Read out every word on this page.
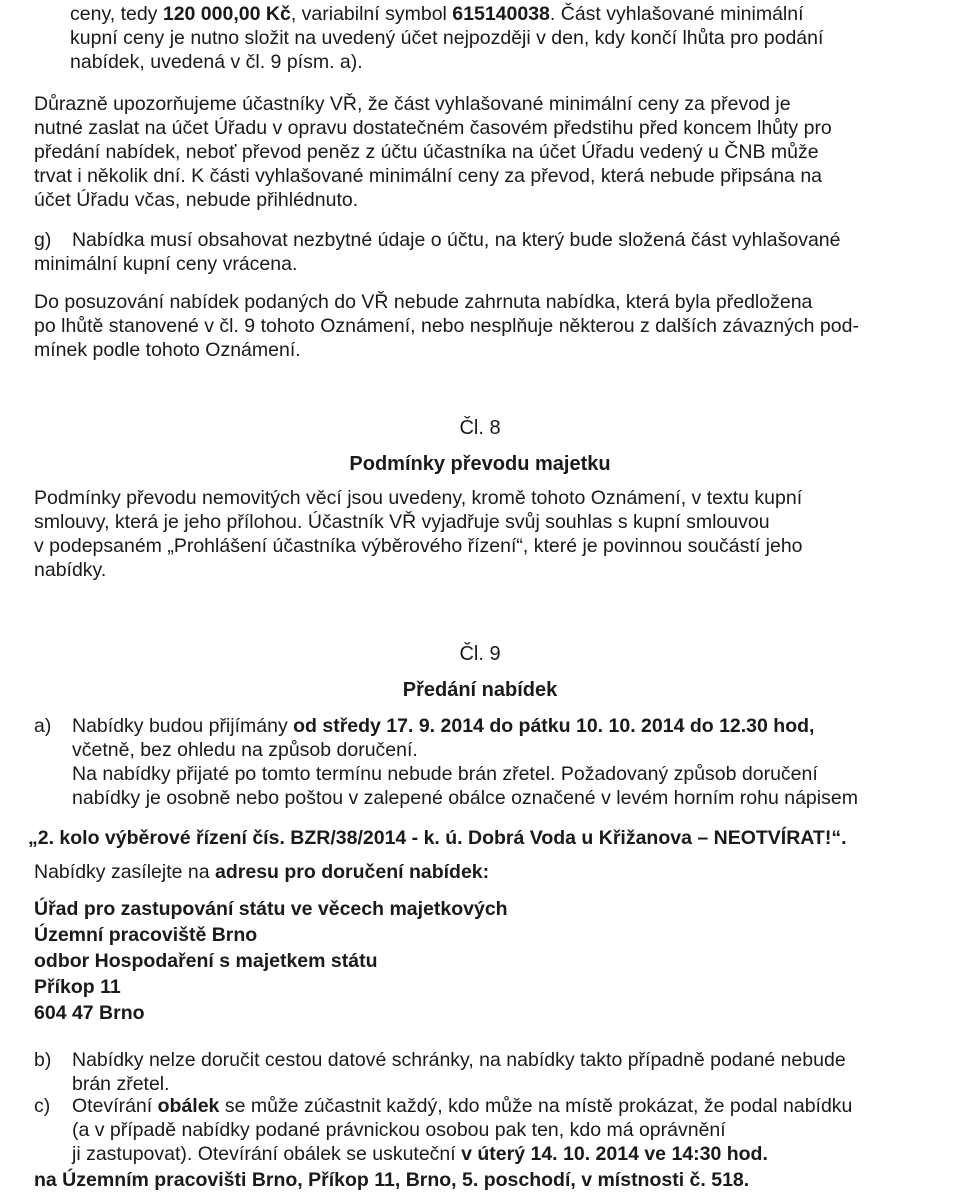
ceny, tedy 120 000,00 Kč, variabilní symbol 615140038. Část vyhlašované minimální
kupní ceny je nutno složit na uvedený účet nejpozději v den, kdy končí lhůta pro podání
nabídek, uvedená v čl. 9 písm. a).
Důrazně upozorňujeme účastníky VŘ, že část vyhlašované minimální ceny za převod je
nutné zaslat na účet Úřadu v opravu dostatečném časovém předstihu před koncem lhůty pro
předání nabídek, neboť převod peněz z účtu účastníka na účet Úřadu vedený u ČNB může
trvat i několik dní. K části vyhlašované minimální ceny za převod, která nebude připsána na
účet Úřadu včas, nebude přihlédnuto.
g)	Nabídka musí obsahovat nezbytné údaje o účtu, na který bude složená část vyhlašované
minimální kupní ceny vrácena.
Do posuzování nabídek podaných do VŘ nebude zahrnuta nabídka, která byla předložena
po lhůtě stanovené v čl. 9 tohoto Oznámení, nebo nesplňuje některou z dalších závazných pod-
mínek podle tohoto Oznámení.
Čl. 8
Podmínky převodu majetku
Podmínky převodu nemovitých věcí jsou uvedeny, kromě tohoto Oznámení, v textu kupní
smlouvy, která je jeho přílohou. Účastník VŘ vyjadřuje svůj souhlas s kupní smlouvou
v podepsaném „Prohlášení účastníka výběrového řízení“, které je povinnou součástí jeho
nabídky.
Čl. 9
Předání nabídek
a)	Nabídky budou přijímány od středy 17. 9. 2014 do pátku 10. 10. 2014 do 12.30 hod,
včetně, bez ohledu na způsob doručení.
Na nabídky přijaté po tomto termínu nebude brán zřetel. Požadovaný způsob doručení
nabídky je osobně nebo poštou v zalepené obálce označené v levém horním rohu nápisem
„2. kolo výběrové řízení čís. BZR/38/2014 - k. ú. Dobrá Voda u Křižanova – NEOTVÍRAT!“.
Nabídky zasílejte na adresu pro doručení nabídek:
Úřad pro zastupování státu ve věcech majetkových
Územní pracoviště Brno
odbor Hospodaření s majetkem státu
Příkop 11
604 47 Brno
b)	Nabídky nelze doručit cestou datové schránky, na nabídky takto případně podané nebude
brán zřetel.
c)	Otevírání obálek se může zúčastnit každý, kdo může na místě prokázat, že podal nabídku
(a v případě nabídky podané právnickou osobou pak ten, kdo má oprávnění
ji zastupovat). Otevírání obálek se uskuteční v úterý 14. 10. 2014 ve 14:30 hod.
na Územním pracovišti Brno, Příkop 11, Brno, 5. poschodí, v místnosti č. 518.
